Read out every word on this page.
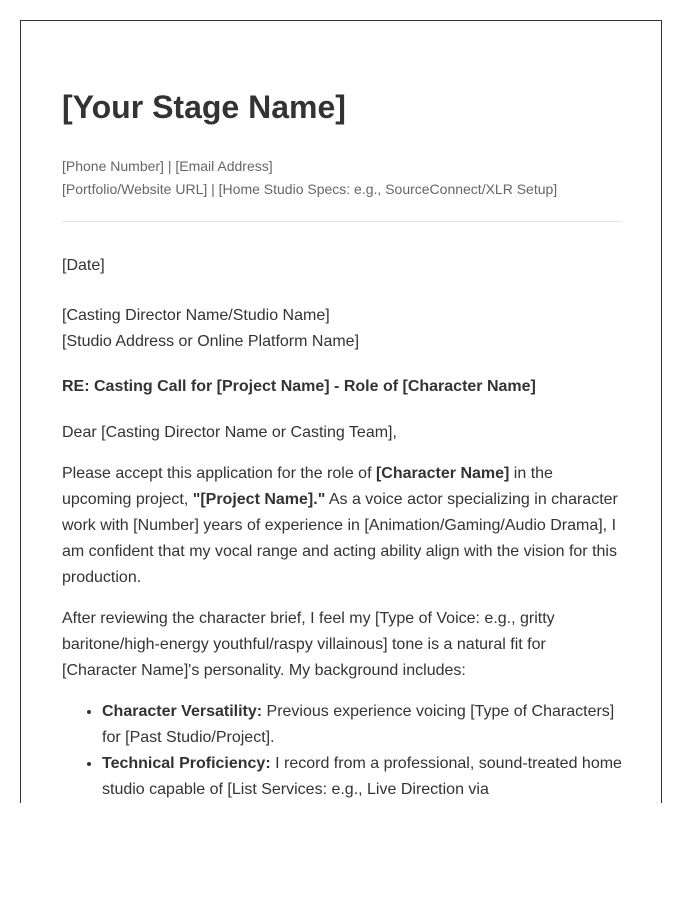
[Your Stage Name]
[Phone Number] | [Email Address]
[Portfolio/Website URL] | [Home Studio Specs: e.g., SourceConnect/XLR Setup]

[Date]

[Casting Director Name/Studio Name]
[Studio Address or Online Platform Name]

RE: Casting Call for [Project Name] - Role of [Character Name]

Dear [Casting Director Name or Casting Team],

Please accept this application for the role of [Character Name] in the
upcoming project, "[Project Name]." As a voice actor specializing in character
work with [Number] years of experience in [Animation/Gaming/Audio Drama], I
am confident that my vocal range and acting ability align with the vision for this
production.

After reviewing the character brief, I feel my [Type of Voice: e.g., gritty
baritone/high-energy youthful/raspy villainous] tone is a natural fit for
[Character Name]'s personality. My background includes:

• Character Versatility: Previous experience voicing [Type of Characters]
for [Past Studio/Project].
• Technical Proficiency: I record from a professional, sound-treated home
studio capable of [List Services: e.g., Live Direction via
